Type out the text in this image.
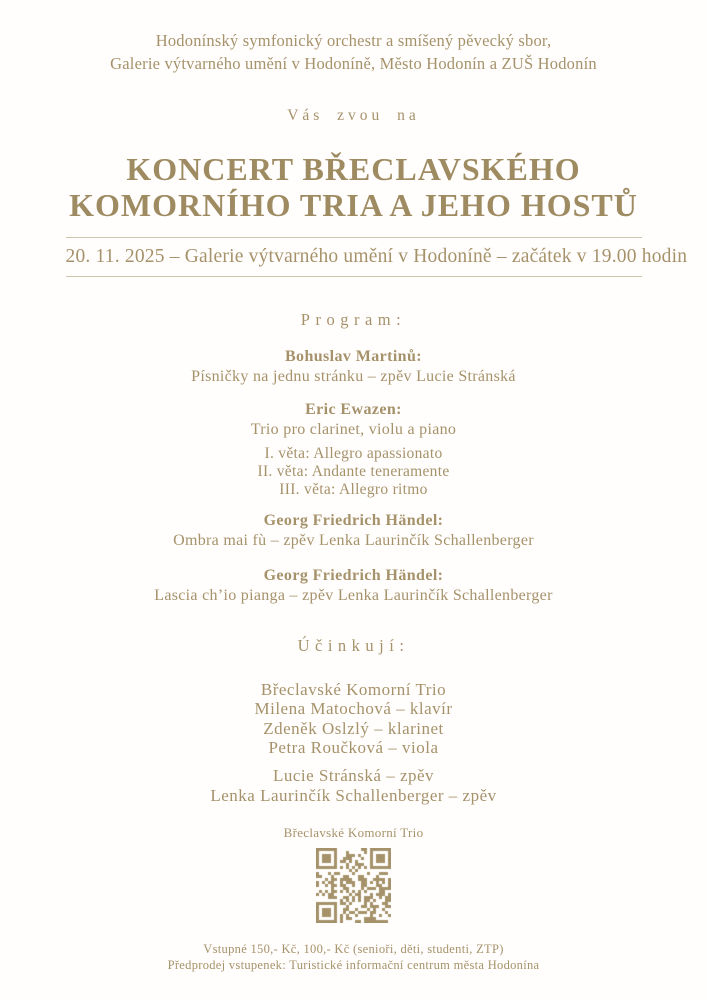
Hodonínský symfonický orchestr a smíšený pěvecký sbor,
Galerie výtvarného umění v Hodoníně, Město Hodonín a ZUŠ Hodonín
Vás zvou na
KONCERT BŘECLAVSKÉHO
KOMORNÍHO TRIA A JEHO HOSTŮ
20. 11. 2025 – Galerie výtvarného umění v Hodoníně – začátek v 19.00 hodin
Program:
Bohuslav Martinů:
Písničky na jednu stránku – zpěv Lucie Stránská
Eric Ewazen:
Trio pro clarinet, violu a piano
I. věta: Allegro apassionato
II. věta: Andante teneramente
III. věta: Allegro ritmo
Georg Friedrich Händel:
Ombra mai fù – zpěv Lenka Laurinčík Schallenberger
Georg Friedrich Händel:
Lascia ch’io pianga – zpěv Lenka Laurinčík Schallenberger
Účinkují:
Břeclavské Komorní Trio
Milena Matochová – klavír
Zdeněk Oslzlý – klarinet
Petra Roučková – viola
Lucie Stránská – zpěv
Lenka Laurinčík Schallenberger – zpěv
Břeclavské Komorní Trio
Vstupné 150,- Kč, 100,- Kč (senioři, děti, studenti, ZTP)
Předprodej vstupenek: Turistické informační centrum města Hodonína
